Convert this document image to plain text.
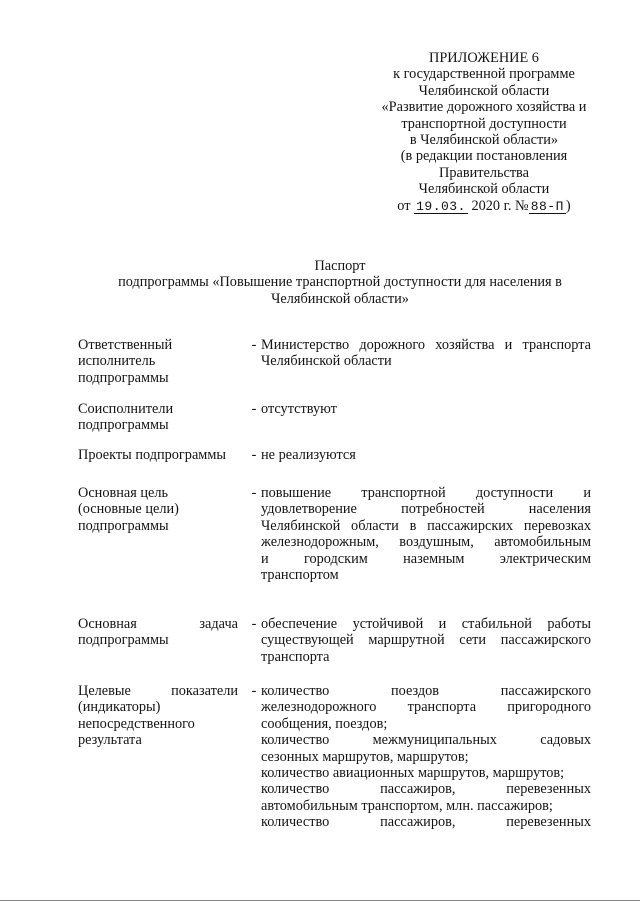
ПРИЛОЖЕНИЕ 6
к государственной программе
Челябинской области
«Развитие дорожного хозяйства и
транспортной доступности
в Челябинской области»
(в редакции постановления
Правительства
Челябинской области
от 19.03. 2020 г. № 88-П )
Паспорт
подпрограммы «Повышение транспортной доступности для населения в
Челябинской области»
Ответственный
исполнитель
подпрограммы
- Министерство дорожного хозяйства и транспорта
Челябинской области
Соисполнители
подпрограммы
- отсутствуют
Проекты подпрограммы	- не реализуются
Основная цель
(основные цели)
подпрограммы
- повышение транспортной доступности и
удовлетворение потребностей населения
Челябинской области в пассажирских перевозках
железнодорожным, воздушным, автомобильным
и городским наземным электрическим
транспортом
Основная задача
подпрограммы
- обеспечение устойчивой и стабильной работы
существующей маршрутной сети пассажирского
транспорта
Целевые показатели
(индикаторы)
непосредственного
результата
- количество поездов пассажирского
железнодорожного транспорта пригородного
сообщения, поездов;
количество межмуниципальных садовых
сезонных маршрутов, маршрутов;
количество авиационных маршрутов, маршрутов;
количество пассажиров, перевезенных
автомобильным транспортом, млн. пассажиров;
количество пассажиров, перевезенных
